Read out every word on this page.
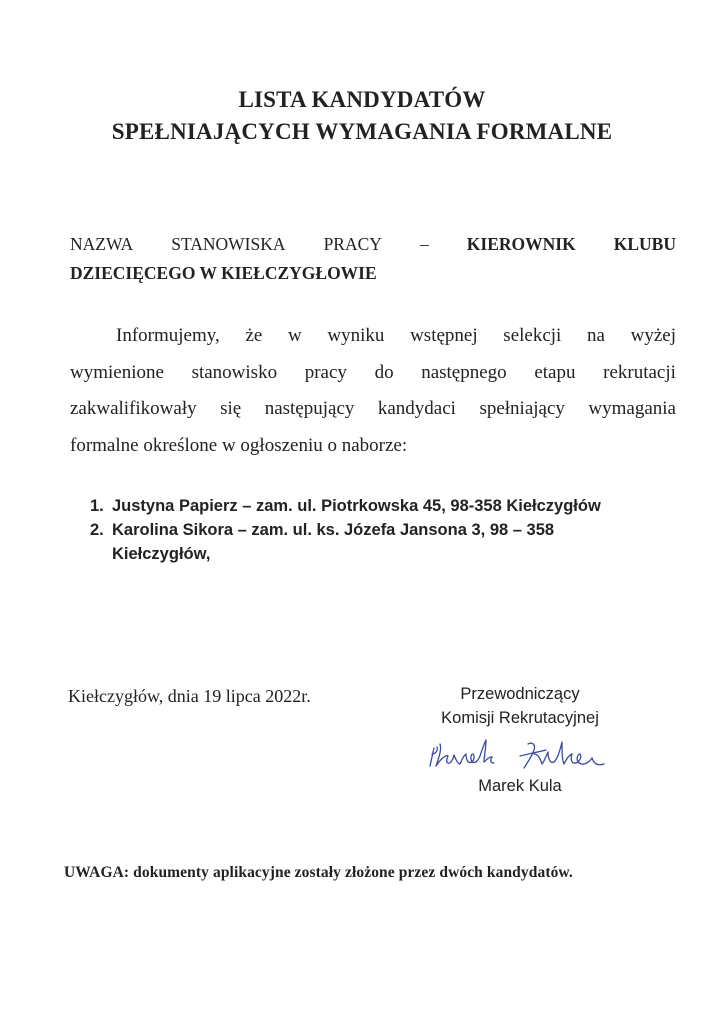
LISTA KANDYDATÓW
SPEŁNIAJĄCYCH WYMAGANIA FORMALNE
NAZWA STANOWISKA PRACY – KIEROWNIK KLUBU
DZIECIĘCEGO W KIEŁCZYGŁOWIE
Informujemy, że w wyniku wstępnej selekcji na wyżej
wymienione stanowisko pracy do następnego etapu rekrutacji
zakwalifikowały się następujący kandydaci spełniający wymagania
formalne określone w ogłoszeniu o naborze:
1. Justyna Papierz – zam. ul. Piotrkowska 45, 98-358 Kiełczygłów
2. Karolina Sikora – zam. ul. ks. Józefa Jansona 3, 98 – 358
Kiełczygłów,
Kiełczygłów, dnia 19 lipca 2022r.	Przewodniczący
Komisji Rekrutacyjnej
Marek Kula
UWAGA: dokumenty aplikacyjne zostały złożone przez dwóch kandydatów.
